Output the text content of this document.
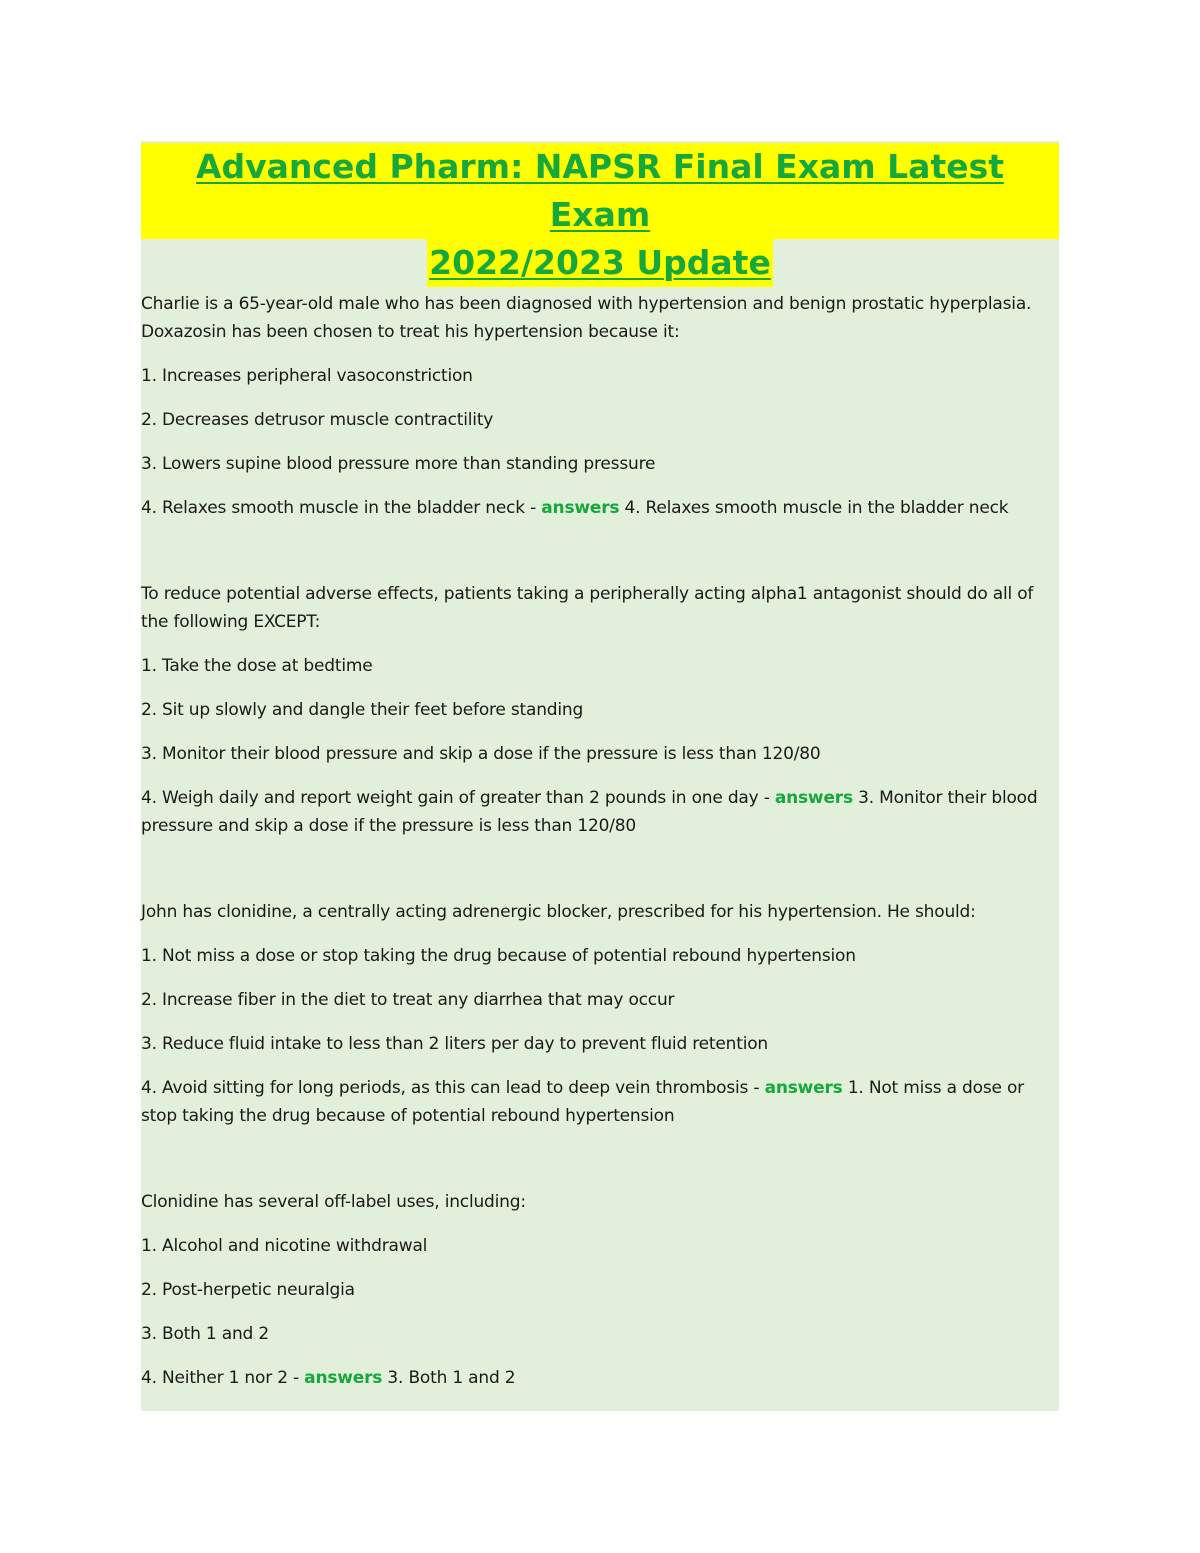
Advanced Pharm: NAPSR Final Exam Latest Exam
2022/2023 Update

Charlie is a 65-year-old male who has been diagnosed with hypertension and benign prostatic hyperplasia. Doxazosin has been chosen to treat his hypertension because it:

1. Increases peripheral vasoconstriction

2. Decreases detrusor muscle contractility

3. Lowers supine blood pressure more than standing pressure

4. Relaxes smooth muscle in the bladder neck - answers 4. Relaxes smooth muscle in the bladder neck

To reduce potential adverse effects, patients taking a peripherally acting alpha1 antagonist should do all of the following EXCEPT:

1. Take the dose at bedtime

2. Sit up slowly and dangle their feet before standing

3. Monitor their blood pressure and skip a dose if the pressure is less than 120/80

4. Weigh daily and report weight gain of greater than 2 pounds in one day - answers 3. Monitor their blood pressure and skip a dose if the pressure is less than 120/80

John has clonidine, a centrally acting adrenergic blocker, prescribed for his hypertension. He should:

1. Not miss a dose or stop taking the drug because of potential rebound hypertension

2. Increase fiber in the diet to treat any diarrhea that may occur

3. Reduce fluid intake to less than 2 liters per day to prevent fluid retention

4. Avoid sitting for long periods, as this can lead to deep vein thrombosis - answers 1. Not miss a dose or stop taking the drug because of potential rebound hypertension

Clonidine has several off-label uses, including:

1. Alcohol and nicotine withdrawal

2. Post-herpetic neuralgia

3. Both 1 and 2

4. Neither 1 nor 2 - answers 3. Both 1 and 2
